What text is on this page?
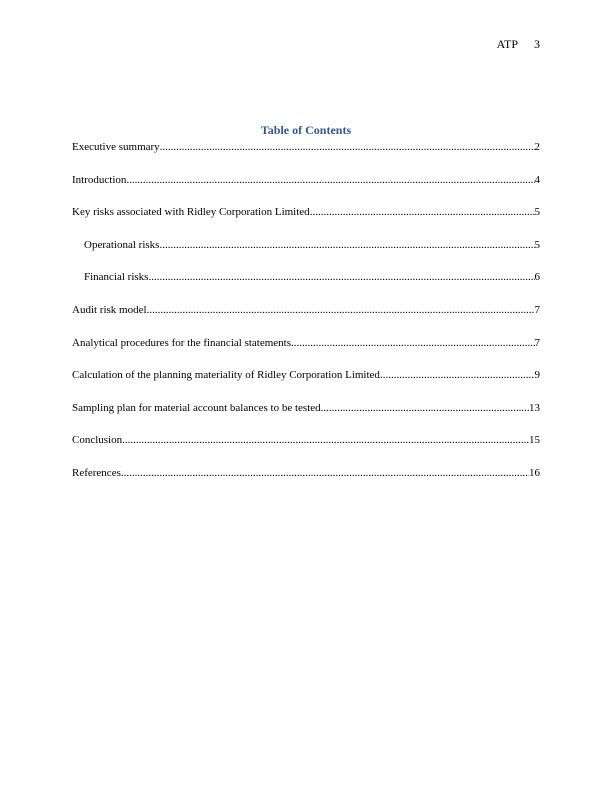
ATP 3
Table of Contents
Executive summary .....	2
Introduction .....	4
Key risks associated with Ridley Corporation Limited .....	5
Operational risks .....	5
Financial risks .....	6
Audit risk model .....	7
Analytical procedures for the financial statements .....	7
Calculation of the planning materiality of Ridley Corporation Limited .....	9
Sampling plan for material account balances to be tested .....	13
Conclusion .....	15
References .....	16
